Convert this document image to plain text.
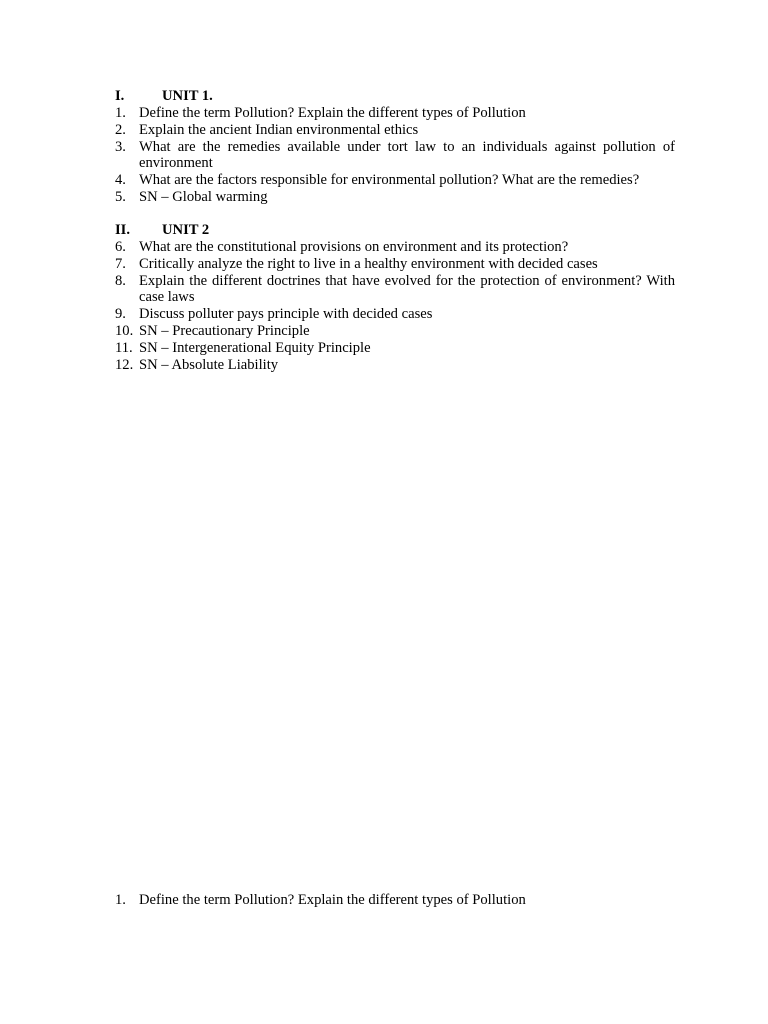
I.	UNIT 1.
1. Define the term Pollution? Explain the different types of Pollution
2. Explain the ancient Indian environmental ethics
3. What are the remedies available under tort law to an individuals against pollution of environment
4. What are the factors responsible for environmental pollution? What are the remedies?
5. SN – Global warming
II.	UNIT 2
6. What are the constitutional provisions on environment and its protection?
7. Critically analyze the right to live in a healthy environment with decided cases
8. Explain the different doctrines that have evolved for the protection of environment? With case laws
9. Discuss polluter pays principle with decided cases
10. SN – Precautionary Principle
11. SN – Intergenerational Equity Principle
12. SN – Absolute Liability
1. Define the term Pollution? Explain the different types of Pollution
